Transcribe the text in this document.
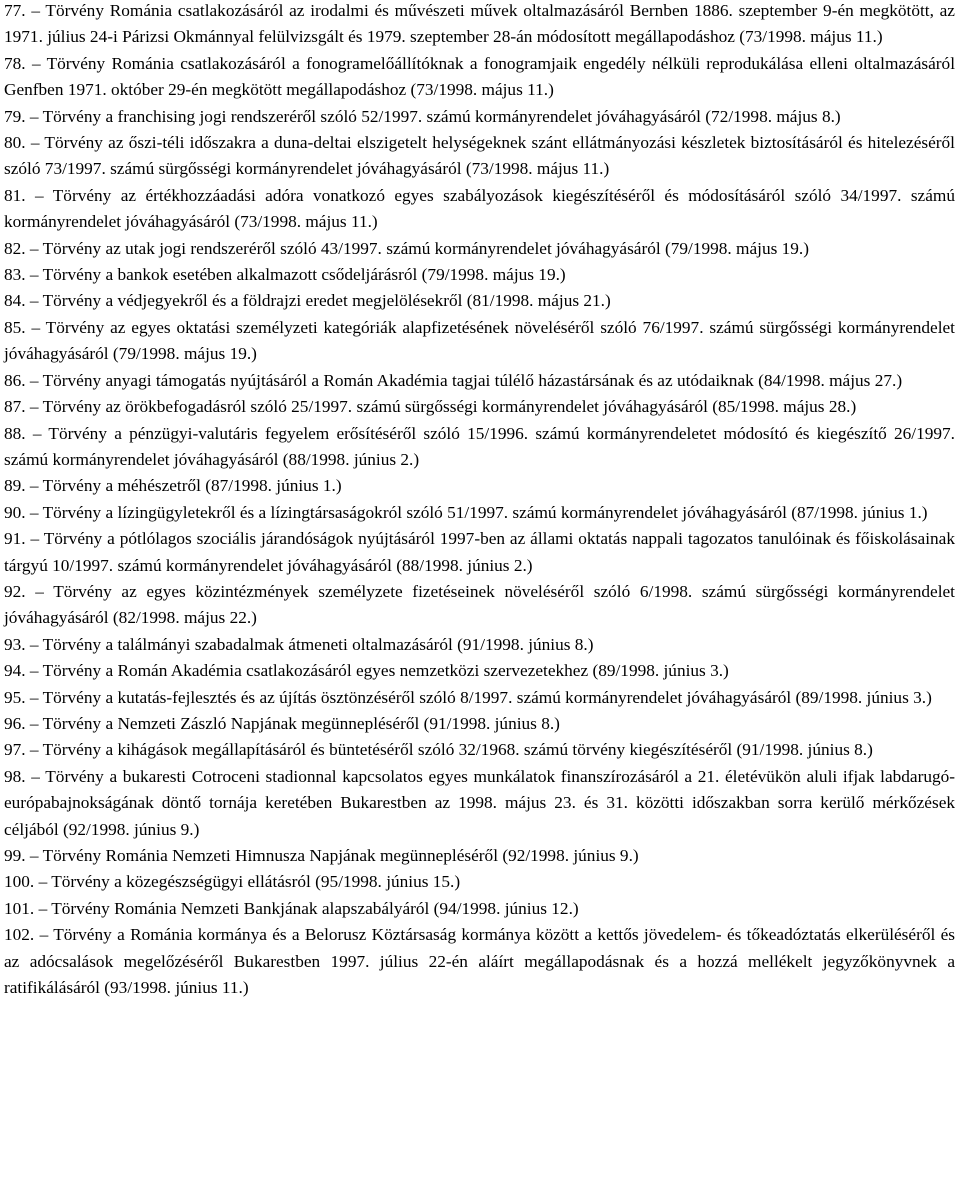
77. – Törvény Románia csatlakozásáról az irodalmi és művészeti művek oltalmazásáról Bernben 1886. szeptember 9-én megkötött, az 1971. július 24-i Párizsi Okmánnyal felülvizsgált és 1979. szeptember 28-án módosított megállapodáshoz (73/1998. május 11.)

78. – Törvény Románia csatlakozásáról a fonogramelőállítóknak a fonogramjaik engedély nélküli reprodukálása elleni oltalmazásáról Genfben 1971. október 29-én megkötött megállapodáshoz (73/1998. május 11.)

79. – Törvény a franchising jogi rendszeréről szóló 52/1997. számú kormányrendelet jóváhagyásáról (72/1998. május 8.)

80. – Törvény az őszi-téli időszakra a duna-deltai elszigetelt helységeknek szánt ellátmányozási készletek biztosításáról és hitelezéséről szóló 73/1997. számú sürgősségi kormányrendelet jóváhagyásáról (73/1998. május 11.)

81. – Törvény az értékhozzáadási adóra vonatkozó egyes szabályozások kiegészítéséről és módosításáról szóló 34/1997. számú kormányrendelet jóváhagyásáról (73/1998. május 11.)

82. – Törvény az utak jogi rendszeréről szóló 43/1997. számú kormányrendelet jóváhagyásáról (79/1998. május 19.)

83. – Törvény a bankok esetében alkalmazott csődeljárásról (79/1998. május 19.)

84. – Törvény a védjegyekről és a földrajzi eredet megjelölésekről (81/1998. május 21.)

85. – Törvény az egyes oktatási személyzeti kategóriák alapfizetésének növeléséről szóló 76/1997. számú sürgősségi kormányrendelet jóváhagyásáról (79/1998. május 19.)

86. – Törvény anyagi támogatás nyújtásáról a Román Akadémia tagjai túlélő házastársának és az utódaiknak (84/1998. május 27.)

87. – Törvény az örökbefogadásról szóló 25/1997. számú sürgősségi kormányrendelet jóváhagyásáról (85/1998. május 28.)

88. – Törvény a pénzügyi-valutáris fegyelem erősítéséről szóló 15/1996. számú kormányrendeletet módosító és kiegészítő 26/1997. számú kormányrendelet jóváhagyásáról (88/1998. június 2.)

89. – Törvény a méhészetről (87/1998. június 1.)

90. – Törvény a lízingügyletekről és a lízingtársaságokról szóló 51/1997. számú kormányrendelet jóváhagyásáról (87/1998. június 1.)

91. – Törvény a pótlólagos szociális járandóságok nyújtásáról 1997-ben az állami oktatás nappali tagozatos tanulóinak és főiskolásainak tárgyú 10/1997. számú kormányrendelet jóváhagyásáról (88/1998. június 2.)

92. – Törvény az egyes közintézmények személyzete fizetéseinek növeléséről szóló 6/1998. számú sürgősségi kormányrendelet jóváhagyásáról (82/1998. május 22.)

93. – Törvény a találmányi szabadalmak átmeneti oltalmazásáról (91/1998. június 8.)

94. – Törvény a Román Akadémia csatlakozásáról egyes nemzetközi szervezetekhez (89/1998. június 3.)

95. – Törvény a kutatás-fejlesztés és az újítás ösztönzéséről szóló 8/1997. számú kormányrendelet jóváhagyásáról (89/1998. június 3.)

96. – Törvény a Nemzeti Zászló Napjának megünnepléséről (91/1998. június 8.)

97. – Törvény a kihágások megállapításáról és büntetéséről szóló 32/1968. számú törvény kiegészítéséről (91/1998. június 8.)

98. – Törvény a bukaresti Cotroceni stadionnal kapcsolatos egyes munkálatok finanszírozásáról a 21. életévükön aluli ifjak labdarugó-európabajnokságának döntő tornája keretében Bukarestben az 1998. május 23. és 31. közötti időszakban sorra kerülő mérkőzések céljából (92/1998. június 9.)

99. – Törvény Románia Nemzeti Himnusza Napjának megünnepléséről (92/1998. június 9.)

100. – Törvény a közegészségügyi ellátásról (95/1998. június 15.)

101. – Törvény Románia Nemzeti Bankjának alapszabályáról (94/1998. június 12.)

102. – Törvény a Románia kormánya és a Belorusz Köztársaság kormánya között a kettős jövedelem- és tőkeadóztatás elkerüléséről és az adócsalások megelőzéséről Bukarestben 1997. július 22-én aláírt megállapodásnak és a hozzá mellékelt jegyzőkönyvnek a ratifikálásáról (93/1998. június 11.)
